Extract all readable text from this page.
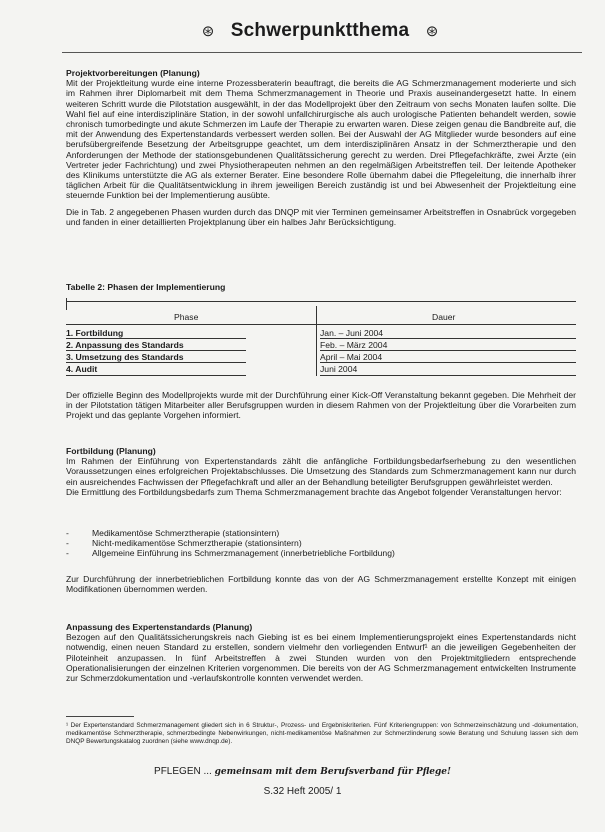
⊛ Schwerpunktthema ⊛
Projektvorbereitungen (Planung)
Mit der Projektleitung wurde eine interne Prozessberaterin beauftragt, die bereits die AG Schmerzmanagement moderierte und sich im Rahmen ihrer Diplomarbeit mit dem Thema Schmerzmanagement in Theorie und Praxis auseinandergesetzt hatte. In einem weiteren Schritt wurde die Pilotstation ausgewählt, in der das Modellprojekt über den Zeitraum von sechs Monaten laufen sollte. Die Wahl fiel auf eine interdisziplinäre Station, in der sowohl unfallchirurgische als auch urologische Patienten behandelt werden, sowie chronisch tumorbedingte und akute Schmerzen im Laufe der Therapie zu erwarten waren. Diese zeigen genau die Bandbreite auf, die mit der Anwendung des Expertenstandards verbessert werden sollen. Bei der Auswahl der AG Mitglieder wurde besonders auf eine berufsübergreifende Besetzung der Arbeitsgruppe geachtet, um dem interdisziplinären Ansatz in der Schmerztherapie und den Anforderungen der Methode der stationsgebundenen Qualitätssicherung gerecht zu werden. Drei Pflegefachkräfte, zwei Ärzte (ein Vertreter jeder Fachrichtung) und zwei Physiotherapeuten nehmen an den regelmäßigen Arbeitstreffen teil. Der leitende Apotheker des Klinikums unterstützte die AG als externer Berater. Eine besondere Rolle übernahm dabei die Pflegeleitung, die innerhalb ihrer täglichen Arbeit für die Qualitätsentwicklung in ihrem jeweiligen Bereich zuständig ist und bei Abwesenheit der Projektleitung eine steuernde Funktion bei der Implementierung ausübte.
Die in Tab. 2 angegebenen Phasen wurden durch das DNQP mit vier Terminen gemeinsamer Arbeitstreffen in Osnabrück vorgegeben und fanden in einer detaillierten Projektplanung über ein halbes Jahr Berücksichtigung.
Tabelle 2: Phasen der Implementierung
Phase	Dauer
1. Fortbildung	Jan. – Juni 2004
2. Anpassung des Standards	Feb. – März 2004
3. Umsetzung des Standards	April – Mai 2004
4. Audit	Juni 2004
Der offizielle Beginn des Modellprojekts wurde mit der Durchführung einer Kick-Off Veranstaltung bekannt gegeben. Die Mehrheit der in der Pilotstation tätigen Mitarbeiter aller Berufsgruppen wurden in diesem Rahmen von der Projektleitung über die Vorarbeiten zum Projekt und das geplante Vorgehen informiert.
Fortbildung (Planung)
Im Rahmen der Einführung von Expertenstandards zählt die anfängliche Fortbildungsbedarfserhebung zu den wesentlichen Voraussetzungen eines erfolgreichen Projektabschlusses. Die Umsetzung des Standards zum Schmerzmanagement kann nur durch ein ausreichendes Fachwissen der Pflegefachkraft und aller an der Behandlung beteiligter Berufsgruppen gewährleistet werden.
Die Ermittlung des Fortbildungsbedarfs zum Thema Schmerzmanagement brachte das Angebot folgender Veranstaltungen hervor:
-	Medikamentöse Schmerztherapie (stationsintern)
-	Nicht-medikamentöse Schmerztherapie (stationsintern)
-	Allgemeine Einführung ins Schmerzmanagement (innerbetriebliche Fortbildung)
Zur Durchführung der innerbetrieblichen Fortbildung konnte das von der AG Schmerzmanagement erstellte Konzept mit einigen Modifikationen übernommen werden.
Anpassung des Expertenstandards (Planung)
Bezogen auf den Qualitätssicherungskreis nach Giebing ist es bei einem Implementierungsprojekt eines Expertenstandards nicht notwendig, einen neuen Standard zu erstellen, sondern vielmehr den vorliegenden Entwurf¹ an die jeweiligen Gegebenheiten der Piloteinheit anzupassen. In fünf Arbeitstreffen à zwei Stunden wurden von den Projektmitgliedern entsprechende Operationalisierungen der einzelnen Kriterien vorgenommen. Die bereits von der AG Schmerzmanagement entwickelten Instrumente zur Schmerzdokumentation und -verlaufskontrolle konnten verwendet werden.
¹ Der Expertenstandard Schmerzmanagement gliedert sich in 6 Struktur-, Prozess- und Ergebniskriterien. Fünf Kriteriengruppen: von Schmerzeinschätzung und -dokumentation, medikamentöse Schmerztherapie, schmerzbedingte Nebenwirkungen, nicht-medikamentöse Maßnahmen zur Schmerzlinderung sowie Beratung und Schulung lassen sich dem DNQP Bewertungskatalog zuordnen (siehe www.dnqp.de).
PFLEGEN ... gemeinsam mit dem Berufsverband für Pflege!
S.32 Heft 2005/ 1
